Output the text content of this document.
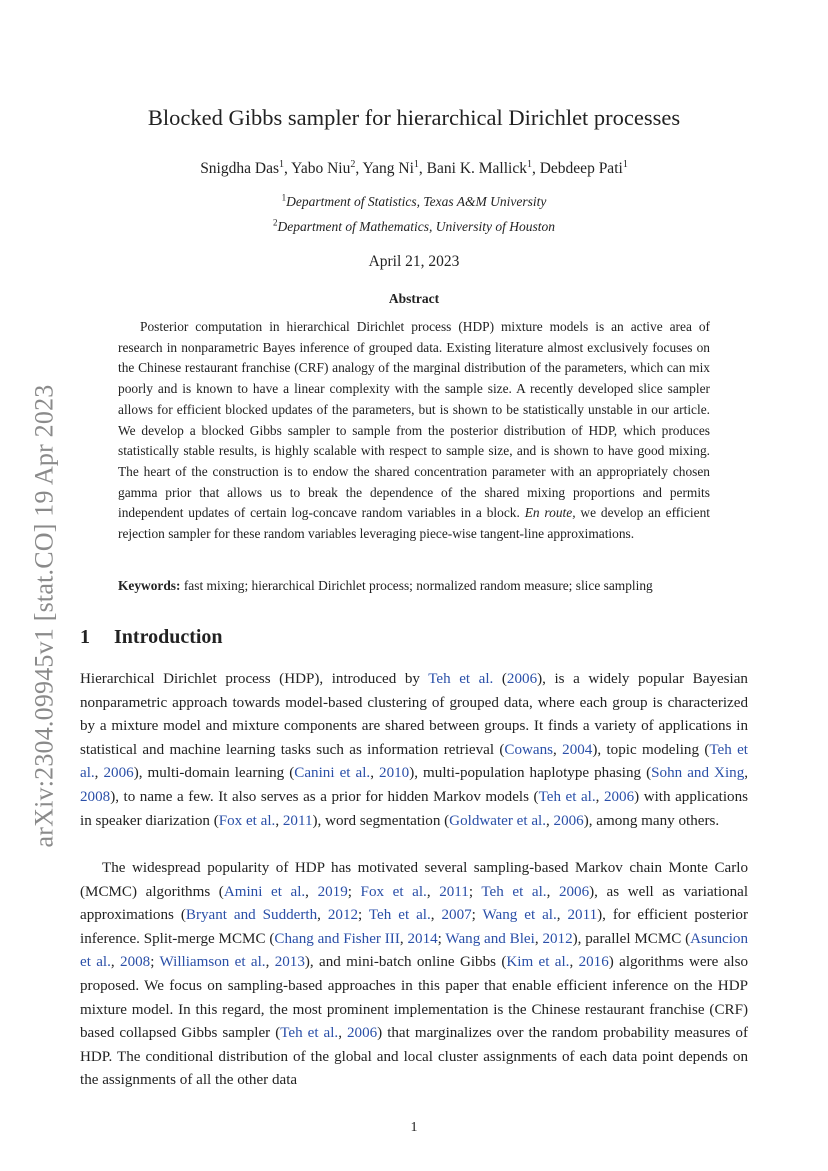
arXiv:2304.09945v1 [stat.CO] 19 Apr 2023
Blocked Gibbs sampler for hierarchical Dirichlet processes
Snigdha Das$^1$, Yabo Niu$^2$, Yang Ni$^1$, Bani K. Mallick$^1$, Debdeep Pati$^1$
$^1$Department of Statistics, Texas A&M University
$^2$Department of Mathematics, University of Houston
April 21, 2023
Abstract

Posterior computation in hierarchical Dirichlet process (HDP) mixture models is an active area of research in nonparametric Bayes inference of grouped data. Existing literature almost exclusively focuses on the Chinese restaurant franchise (CRF) analogy of the marginal distribution of the parameters, which can mix poorly and is known to have a linear complexity with the sample size. A recently developed slice sampler allows for efficient blocked updates of the parameters, but is shown to be statistically unstable in our article. We develop a blocked Gibbs sampler to sample from the posterior distribution of HDP, which produces statistically stable results, is highly scalable with respect to sample size, and is shown to have good mixing. The heart of the construction is to endow the shared concentration parameter with an appropriately chosen gamma prior that allows us to break the dependence of the shared mixing proportions and permits independent updates of certain log-concave random variables in a block. En route, we develop an efficient rejection sampler for these random variables leveraging piece-wise tangent-line approximations.

Keywords: fast mixing; hierarchical Dirichlet process; normalized random measure; slice sampling
1 Introduction

Hierarchical Dirichlet process (HDP), introduced by Teh et al. (2006), is a widely popular Bayesian nonparametric approach towards model-based clustering of grouped data, where each group is characterized by a mixture model and mixture components are shared between groups. It finds a variety of applications in statistical and machine learning tasks such as information retrieval (Cowans, 2004), topic modeling (Teh et al., 2006), multi-domain learning (Canini et al., 2010), multi-population haplotype phasing (Sohn and Xing, 2008), to name a few. It also serves as a prior for hidden Markov models (Teh et al., 2006) with applications in speaker diarization (Fox et al., 2011), word segmentation (Goldwater et al., 2006), among many others.

The widespread popularity of HDP has motivated several sampling-based Markov chain Monte Carlo (MCMC) algorithms (Amini et al., 2019; Fox et al., 2011; Teh et al., 2006), as well as variational approximations (Bryant and Sudderth, 2012; Teh et al., 2007; Wang et al., 2011), for efficient posterior inference. Split-merge MCMC (Chang and Fisher III, 2014; Wang and Blei, 2012), parallel MCMC (Asuncion et al., 2008; Williamson et al., 2013), and mini-batch online Gibbs (Kim et al., 2016) algorithms were also proposed. We focus on sampling-based approaches in this paper that enable efficient inference on the HDP mixture model. In this regard, the most prominent implementation is the Chinese restaurant franchise (CRF) based collapsed Gibbs sampler (Teh et al., 2006) that marginalizes over the random probability measures of HDP. The conditional distribution of the global and local cluster assignments of each data point depends on the assignments of all the other data

1
